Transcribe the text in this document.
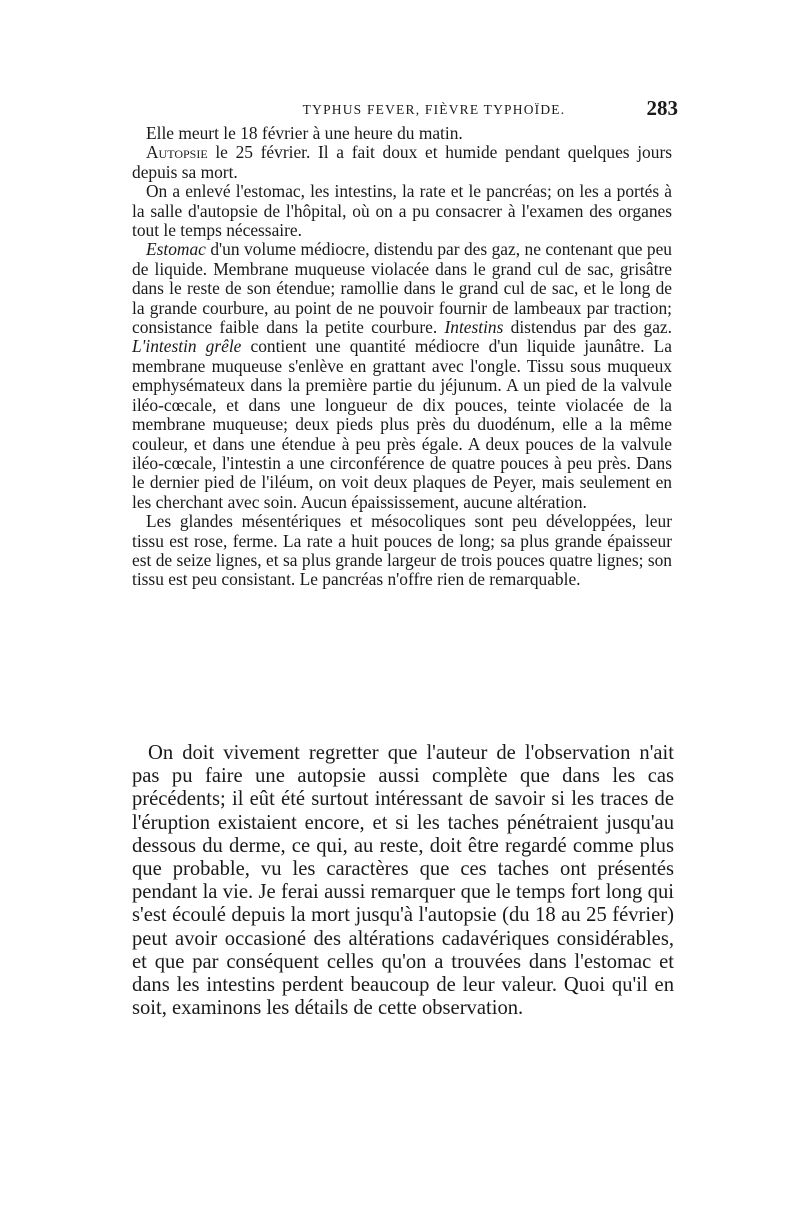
TYPHUS FEVER, FIÈVRE TYPHOÏDE.	283

Elle meurt le 18 février à une heure du matin.

Autopsie le 25 février. Il a fait doux et humide pendant quelques jours depuis sa mort.

On a enlevé l'estomac, les intestins, la rate et le pancréas; on les a portés à la salle d'autopsie de l'hôpital, où on a pu consacrer à l'examen des organes tout le temps nécessaire.

Estomac d'un volume médiocre, distendu par des gaz, ne contenant que peu de liquide. Membrane muqueuse violacée dans le grand cul de sac, grisâtre dans le reste de son étendue; ramollie dans le grand cul de sac, et le long de la grande courbure, au point de ne pouvoir fournir de lambeaux par traction; consistance faible dans la petite courbure. Intestins distendus par des gaz. L'intestin grêle contient une quantité médiocre d'un liquide jaunâtre. La membrane muqueuse s'enlève en grattant avec l'ongle. Tissu sous muqueux emphysémateux dans la première partie du jéjunum. A un pied de la valvule iléo-cœcale, et dans une longueur de dix pouces, teinte violacée de la membrane muqueuse; deux pieds plus près du duodénum, elle a la même couleur, et dans une étendue à peu près égale. A deux pouces de la valvule iléo-cœcale, l'intestin a une circonférence de quatre pouces à peu près. Dans le dernier pied de l'iléum, on voit deux plaques de Peyer, mais seulement en les cherchant avec soin. Aucun épaississement, aucune altération.

Les glandes mésentériques et mésocoliques sont peu développées, leur tissu est rose, ferme. La rate a huit pouces de long; sa plus grande épaisseur est de seize lignes, et sa plus grande largeur de trois pouces quatre lignes; son tissu est peu consistant. Le pancréas n'offre rien de remarquable.

On doit vivement regretter que l'auteur de l'observation n'ait pas pu faire une autopsie aussi complète que dans les cas précédents; il eût été surtout intéressant de savoir si les traces de l'éruption existaient encore, et si les taches pénétraient jusqu'au dessous du derme, ce qui, au reste, doit être regardé comme plus que probable, vu les caractères que ces taches ont présentés pendant la vie. Je ferai aussi remarquer que le temps fort long qui s'est écoulé depuis la mort jusqu'à l'autopsie (du 18 au 25 février) peut avoir occasioné des altérations cadavériques considérables, et que par conséquent celles qu'on a trouvées dans l'estomac et dans les intestins perdent beaucoup de leur valeur. Quoi qu'il en soit, examinons les détails de cette observation.
